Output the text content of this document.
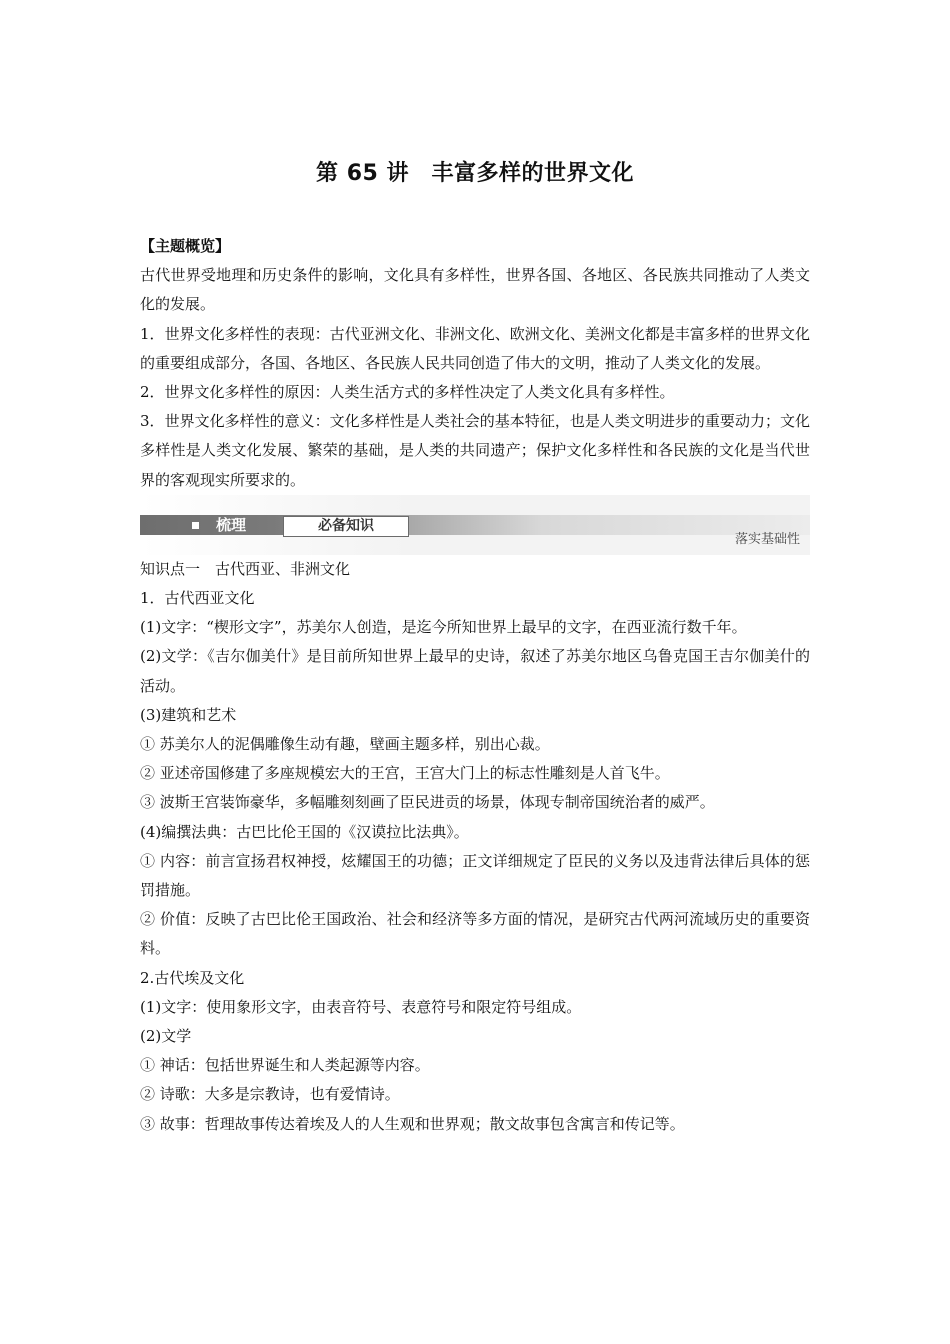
第 65 讲　丰富多样的世界文化

【主题概览】

古代世界受地理和历史条件的影响，文化具有多样性，世界各国、各地区、各民族共同推动了人类文化的发展。

1．世界文化多样性的表现：古代亚洲文化、非洲文化、欧洲文化、美洲文化都是丰富多样的世界文化的重要组成部分，各国、各地区、各民族人民共同创造了伟大的文明，推动了人类文化的发展。

2．世界文化多样性的原因：人类生活方式的多样性决定了人类文化具有多样性。

3．世界文化多样性的意义：文化多样性是人类社会的基本特征，也是人类文明进步的重要动力；文化多样性是人类文化发展、繁荣的基础，是人类的共同遗产；保护文化多样性和各民族的文化是当代世界的客观现实所要求的。

梳理	必备知识
落实基础性

知识点一　古代西亚、非洲文化

1．古代西亚文化

(1)文字：“楔形文字”，苏美尔人创造，是迄今所知世界上最早的文字，在西亚流行数千年。

(2)文学：《吉尔伽美什》是目前所知世界上最早的史诗，叙述了苏美尔地区乌鲁克国王吉尔伽美什的活动。

(3)建筑和艺术

① 苏美尔人的泥偶雕像生动有趣，壁画主题多样，别出心裁。

② 亚述帝国修建了多座规模宏大的王宫，王宫大门上的标志性雕刻是人首飞牛。

③ 波斯王宫装饰豪华，多幅雕刻刻画了臣民进贡的场景，体现专制帝国统治者的威严。

(4)编撰法典：古巴比伦王国的《汉谟拉比法典》。

① 内容：前言宣扬君权神授，炫耀国王的功德；正文详细规定了臣民的义务以及违背法律后具体的惩罚措施。

② 价值：反映了古巴比伦王国政治、社会和经济等多方面的情况，是研究古代两河流域历史的重要资料。

2.古代埃及文化

(1)文字：使用象形文字，由表音符号、表意符号和限定符号组成。

(2)文学

① 神话：包括世界诞生和人类起源等内容。

② 诗歌：大多是宗教诗，也有爱情诗。

③ 故事：哲理故事传达着埃及人的人生观和世界观；散文故事包含寓言和传记等。
